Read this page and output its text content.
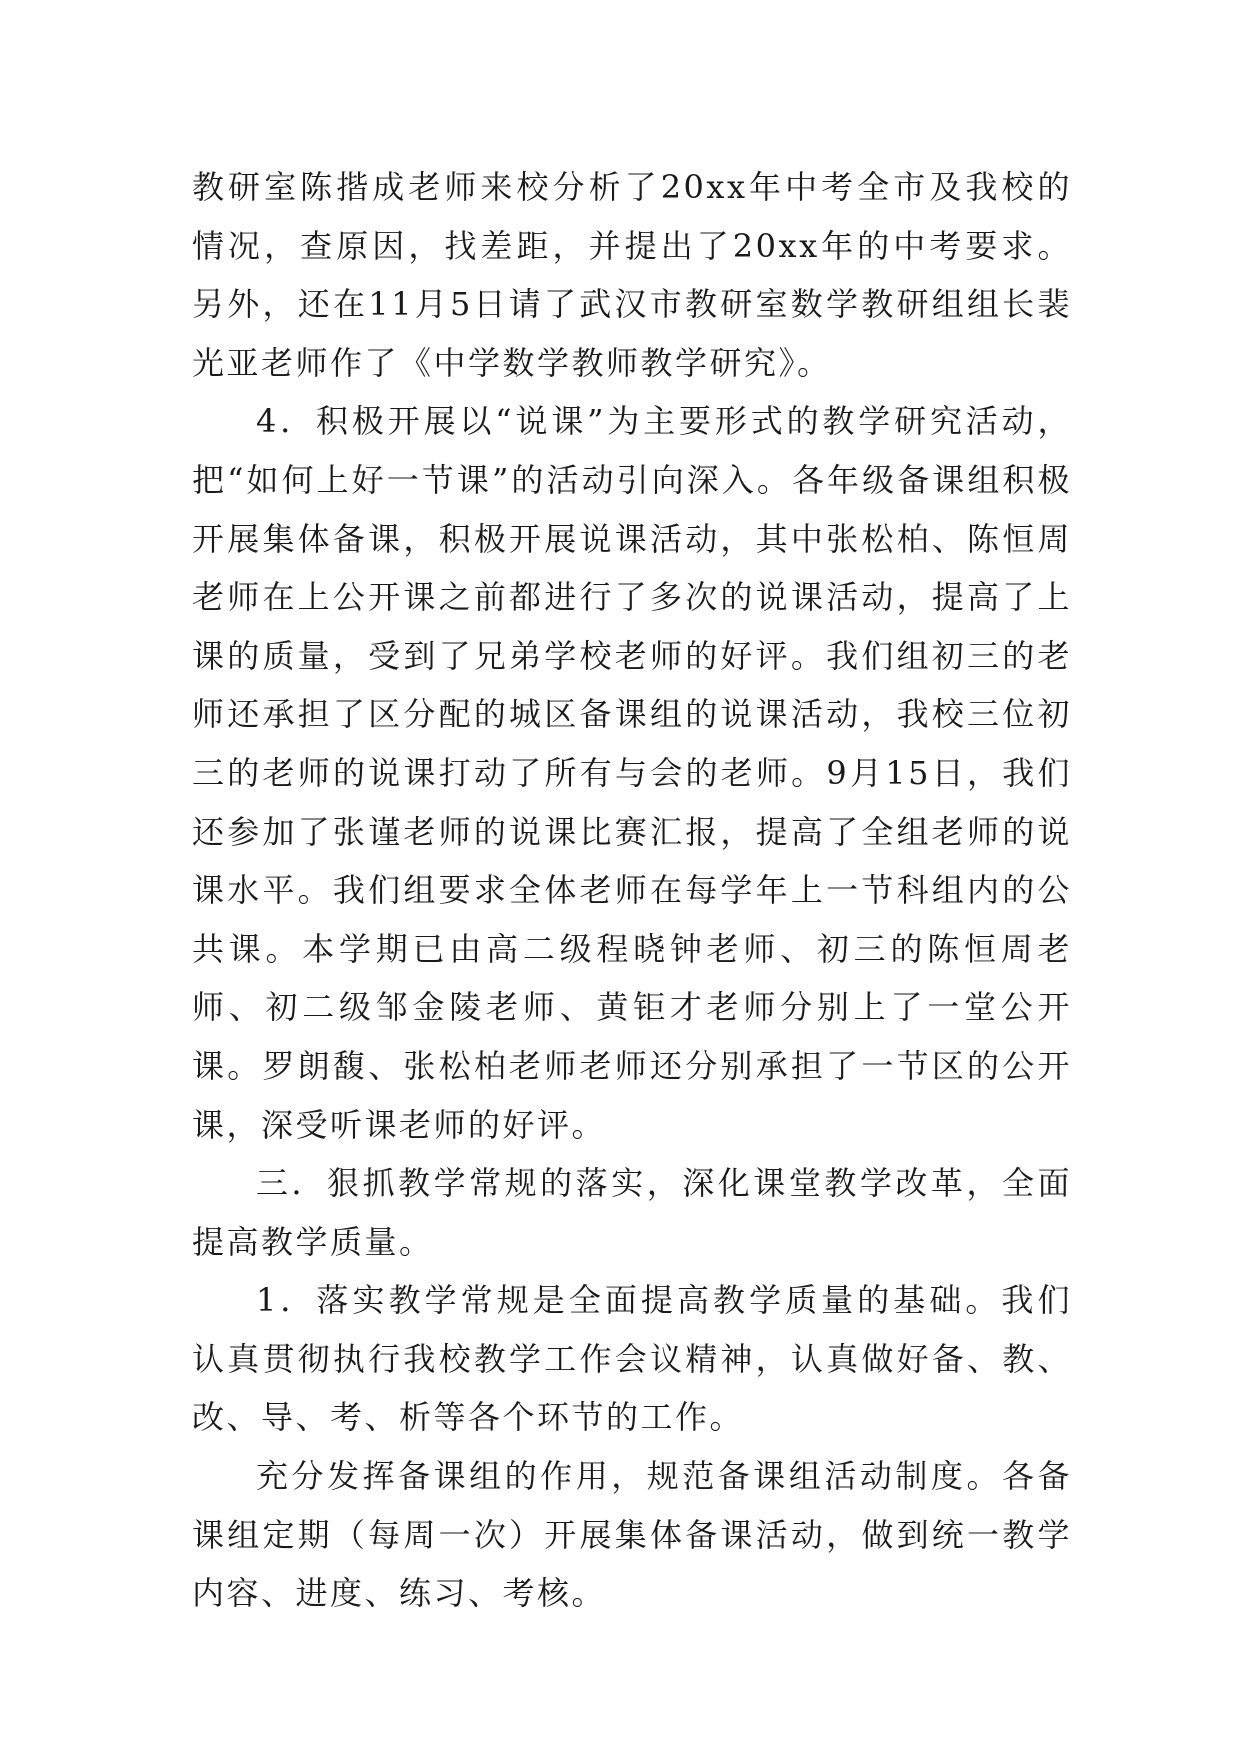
教研室陈揩成老师来校分析了20xx年中考全市及我校的情况，查原因，找差距，并提出了20xx年的中考要求。另外，还在11月5日请了武汉市教研室数学教研组组长裴光亚老师作了《中学数学教师教学研究》。

4．积极开展以“说课”为主要形式的教学研究活动，把“如何上好一节课”的活动引向深入。各年级备课组积极开展集体备课，积极开展说课活动，其中张松柏、陈恒周老师在上公开课之前都进行了多次的说课活动，提高了上课的质量，受到了兄弟学校老师的好评。我们组初三的老师还承担了区分配的城区备课组的说课活动，我校三位初三的老师的说课打动了所有与会的老师。9月15日，我们还参加了张谨老师的说课比赛汇报，提高了全组老师的说课水平。我们组要求全体老师在每学年上一节科组内的公共课。本学期已由高二级程晓钟老师、初三的陈恒周老师、初二级邹金陵老师、黄钜才老师分别上了一堂公开课。罗朗馥、张松柏老师老师还分别承担了一节区的公开课，深受听课老师的好评。

三．狠抓教学常规的落实，深化课堂教学改革，全面提高教学质量。

1．落实教学常规是全面提高教学质量的基础。我们认真贯彻执行我校教学工作会议精神，认真做好备、教、改、导、考、析等各个环节的工作。

充分发挥备课组的作用，规范备课组活动制度。各备课组定期（每周一次）开展集体备课活动，做到统一教学内容、进度、练习、考核。
